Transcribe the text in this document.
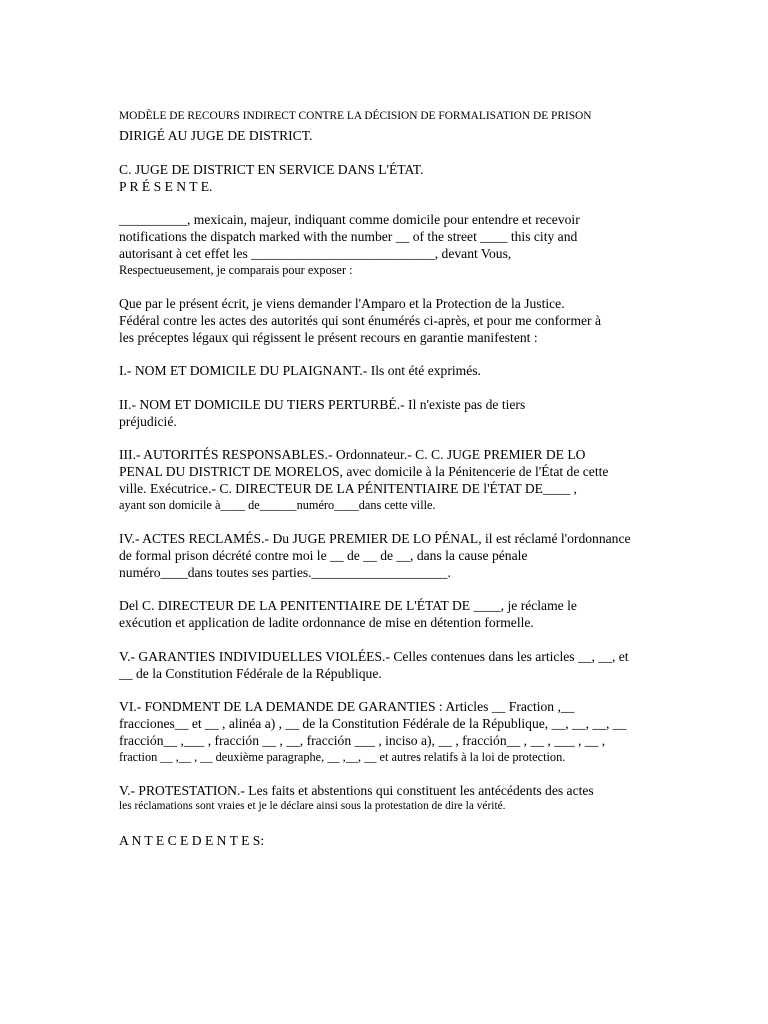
MODÈLE DE RECOURS INDIRECT CONTRE LA DÉCISION DE FORMALISATION DE PRISON
DIRIGÉ AU JUGE DE DISTRICT.
C. JUGE DE DISTRICT EN SERVICE DANS L'ÉTAT.
P R É S E N T E.
__________, mexicain, majeur, indiquant comme domicile pour entendre et recevoir
notifications the dispatch marked with the number __ of the street ____ this city and
autorisant à cet effet les ___________________________, devant Vous,
Respectueusement, je comparais pour exposer :
Que par le présent écrit, je viens demander l'Amparo et la Protection de la Justice.
Fédéral contre les actes des autorités qui sont énumérés ci-après, et pour me conformer à
les préceptes légaux qui régissent le présent recours en garantie manifestent :
I.- NOM ET DOMICILE DU PLAIGNANT.- Ils ont été exprimés.
II.- NOM ET DOMICILE DU TIERS PERTURBÉ.- Il n'existe pas de tiers
préjudicié.
III.- AUTORITÉS RESPONSABLES.- Ordonnateur.- C. C. JUGE PREMIER DE LO
PENAL DU DISTRICT DE MORELOS, avec domicile à la Pénitencerie de l'État de cette
ville. Exécutrice.- C. DIRECTEUR DE LA PÉNITENTIAIRE DE l'ÉTAT DE____ ,
ayant son domicile à____ de______numéro____dans cette ville.
IV.- ACTES RECLAMÉS.- Du JUGE PREMIER DE LO PÉNAL, il est réclamé l'ordonnance
de formal prison décrété contre moi le __ de __ de __, dans la cause pénale
numéro____dans toutes ses parties.____________________.
Del C. DIRECTEUR DE LA PENITENTIAIRE DE L'ÉTAT DE ____, je réclame le
exécution et application de ladite ordonnance de mise en détention formelle.
V.- GARANTIES INDIVIDUELLES VIOLÉES.- Celles contenues dans les articles __, __, et
__ de la Constitution Fédérale de la République.
VI.- FONDMENT DE LA DEMANDE DE GARANTIES : Articles __ Fraction ,__
fracciones__ et __ , alinéa a) , __ de la Constitution Fédérale de la République, __, __, __, __
fracción__ ,___ , fracción __ , __, fracción ___ , inciso a), __ , fracción__ , __ , ___ , __ ,
fraction __ ,__ , __ deuxième paragraphe, __ ,__, __ et autres relatifs à la loi de protection.
V.- PROTESTATION.- Les faits et abstentions qui constituent les antécédents des actes
les réclamations sont vraies et je le déclare ainsi sous la protestation de dire la vérité.
A N T E C E D E N T E S:
